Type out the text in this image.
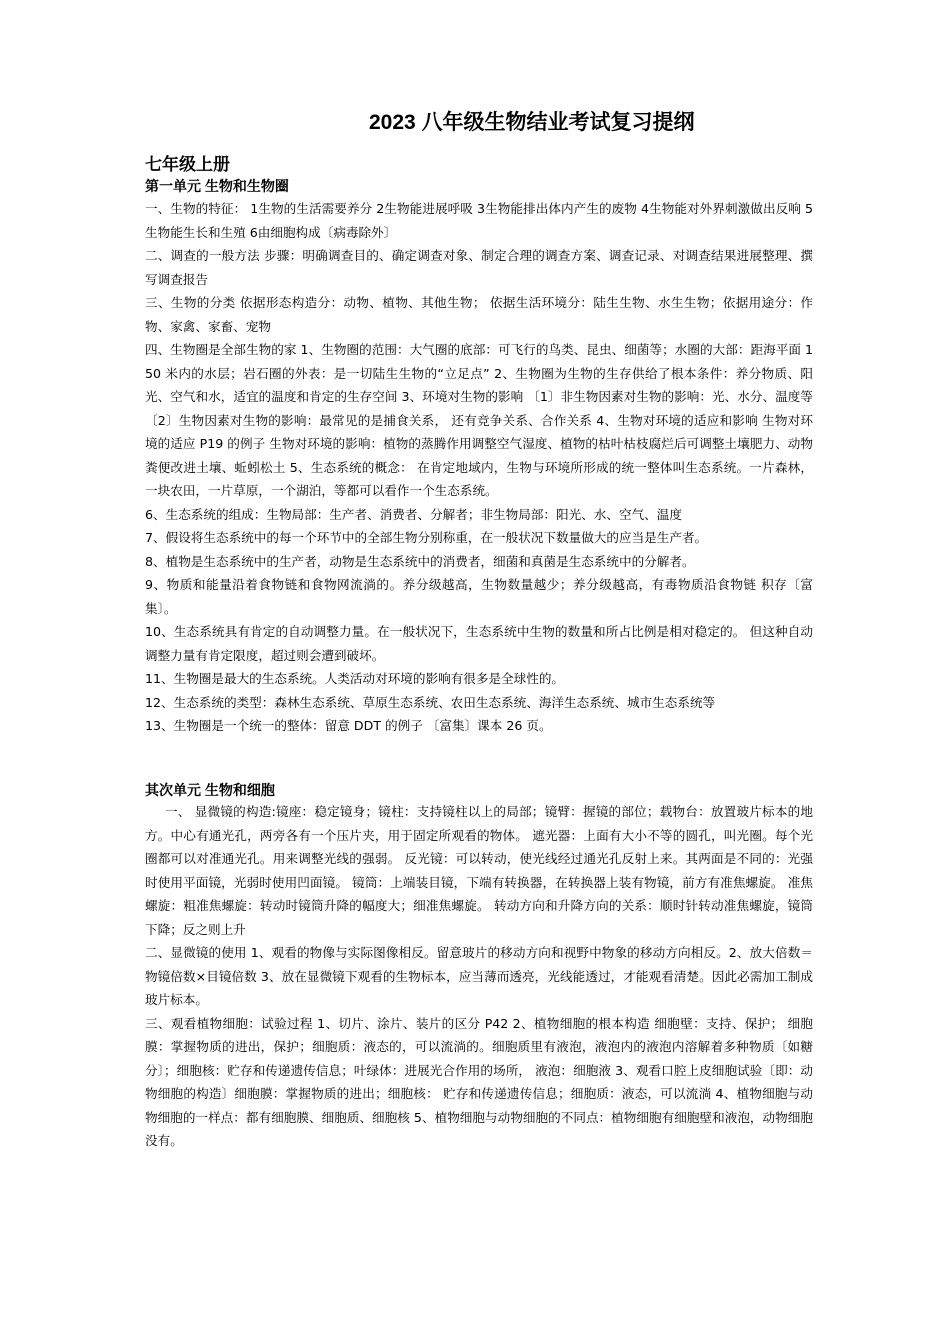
2023 八年级生物结业考试复习提纲
七年级上册
第一单元 生物和生物圈

一、生物的特征： 1生物的生活需要养分 2生物能进展呼吸 3生物能排出体内产生的废物 4生物能对外界刺激做出反响 5生物能生长和生殖 6由细胞构成〔病毒除外〕

二、调查的一般方法 步骤：明确调查目的、确定调查对象、制定合理的调查方案、调查记录、对调查结果进展整理、撰写调查报告

三、生物的分类 依据形态构造分：动物、植物、其他生物； 依据生活环境分：陆生生物、水生生物；依据用途分：作物、家禽、家畜、宠物

四、生物圈是全部生物的家 1、生物圈的范围：大气圈的底部：可飞行的鸟类、昆虫、细菌等；水圈的大部：距海平面 150 米内的水层；岩石圈的外表：是一切陆生生物的“立足点” 2、生物圈为生物的生存供给了根本条件：养分物质、阳光、空气和水，适宜的温度和肯定的生存空间 3、环境对生物的影响 〔1〕非生物因素对生物的影响：光、水分、温度等 〔2〕生物因素对生物的影响：最常见的是捕食关系， 还有竞争关系、合作关系 4、生物对环境的适应和影响 生物对环境的适应 P19 的例子 生物对环境的影响：植物的蒸腾作用调整空气湿度、植物的枯叶枯枝腐烂后可调整土壤肥力、动物粪便改进土壤、蚯蚓松土 5、生态系统的概念： 在肯定地域内，生物与环境所形成的统一整体叫生态系统。一片森林， 一块农田，一片草原，一个湖泊，等都可以看作一个生态系统。

6、生态系统的组成：生物局部：生产者、消费者、分解者；非生物局部：阳光、水、空气、温度

7、假设将生态系统中的每一个环节中的全部生物分别称重，在一般状况下数量做大的应当是生产者。

8、植物是生态系统中的生产者，动物是生态系统中的消费者，细菌和真菌是生态系统中的分解者。

9、物质和能量沿着食物链和食物网流淌的。养分级越高，生物数量越少；养分级越高，有毒物质沿食物链 积存〔富集〕。

10、生态系统具有肯定的自动调整力量。在一般状况下，生态系统中生物的数量和所占比例是相对稳定的。 但这种自动调整力量有肯定限度，超过则会遭到破坏。

11、生物圈是最大的生态系统。人类活动对环境的影响有很多是全球性的。

12、生态系统的类型：森林生态系统、草原生态系统、农田生态系统、海洋生态系统、城市生态系统等

13、生物圈是一个统一的整体：留意 DDT 的例子 〔富集〕课本 26 页。

其次单元 生物和细胞

一、 显微镜的构造:镜座：稳定镜身；镜柱：支持镜柱以上的局部；镜臂：握镜的部位；载物台：放置玻片标本的地方。中心有通光孔，两旁各有一个压片夹，用于固定所观看的物体。 遮光器：上面有大小不等的圆孔，叫光圈。每个光圈都可以对准通光孔。用来调整光线的强弱。 反光镜：可以转动，使光线经过通光孔反射上来。其两面是不同的：光强时使用平面镜，光弱时使用凹面镜。 镜筒：上端装目镜，下端有转换器，在转换器上装有物镜，前方有准焦螺旋。 准焦螺旋：粗准焦螺旋：转动时镜筒升降的幅度大；细准焦螺旋。 转动方向和升降方向的关系：顺时针转动准焦螺旋，镜筒下降；反之则上升

二、显微镜的使用 1、观看的物像与实际图像相反。留意玻片的移动方向和视野中物象的移动方向相反。2、放大倍数＝物镜倍数×目镜倍数 3、放在显微镜下观看的生物标本，应当薄而透亮，光线能透过，才能观看清楚。因此必需加工制成玻片标本。

三、观看植物细胞：试验过程 1、切片、涂片、装片的区分 P42 2、植物细胞的根本构造 细胞壁：支持、保护； 细胞膜：掌握物质的进出，保护；细胞质：液态的，可以流淌的。细胞质里有液泡，液泡内的液泡内溶解着多种物质〔如糖分〕；细胞核：贮存和传递遗传信息；叶绿体：进展光合作用的场所， 液泡：细胞液 3、观看口腔上皮细胞试验〔即：动物细胞的构造〕细胞膜：掌握物质的进出；细胞核： 贮存和传递遗传信息；细胞质：液态，可以流淌 4、植物细胞与动物细胞的一样点：都有细胞膜、细胞质、细胞核 5、植物细胞与动物细胞的不同点：植物细胞有细胞壁和液泡，动物细胞没有。
